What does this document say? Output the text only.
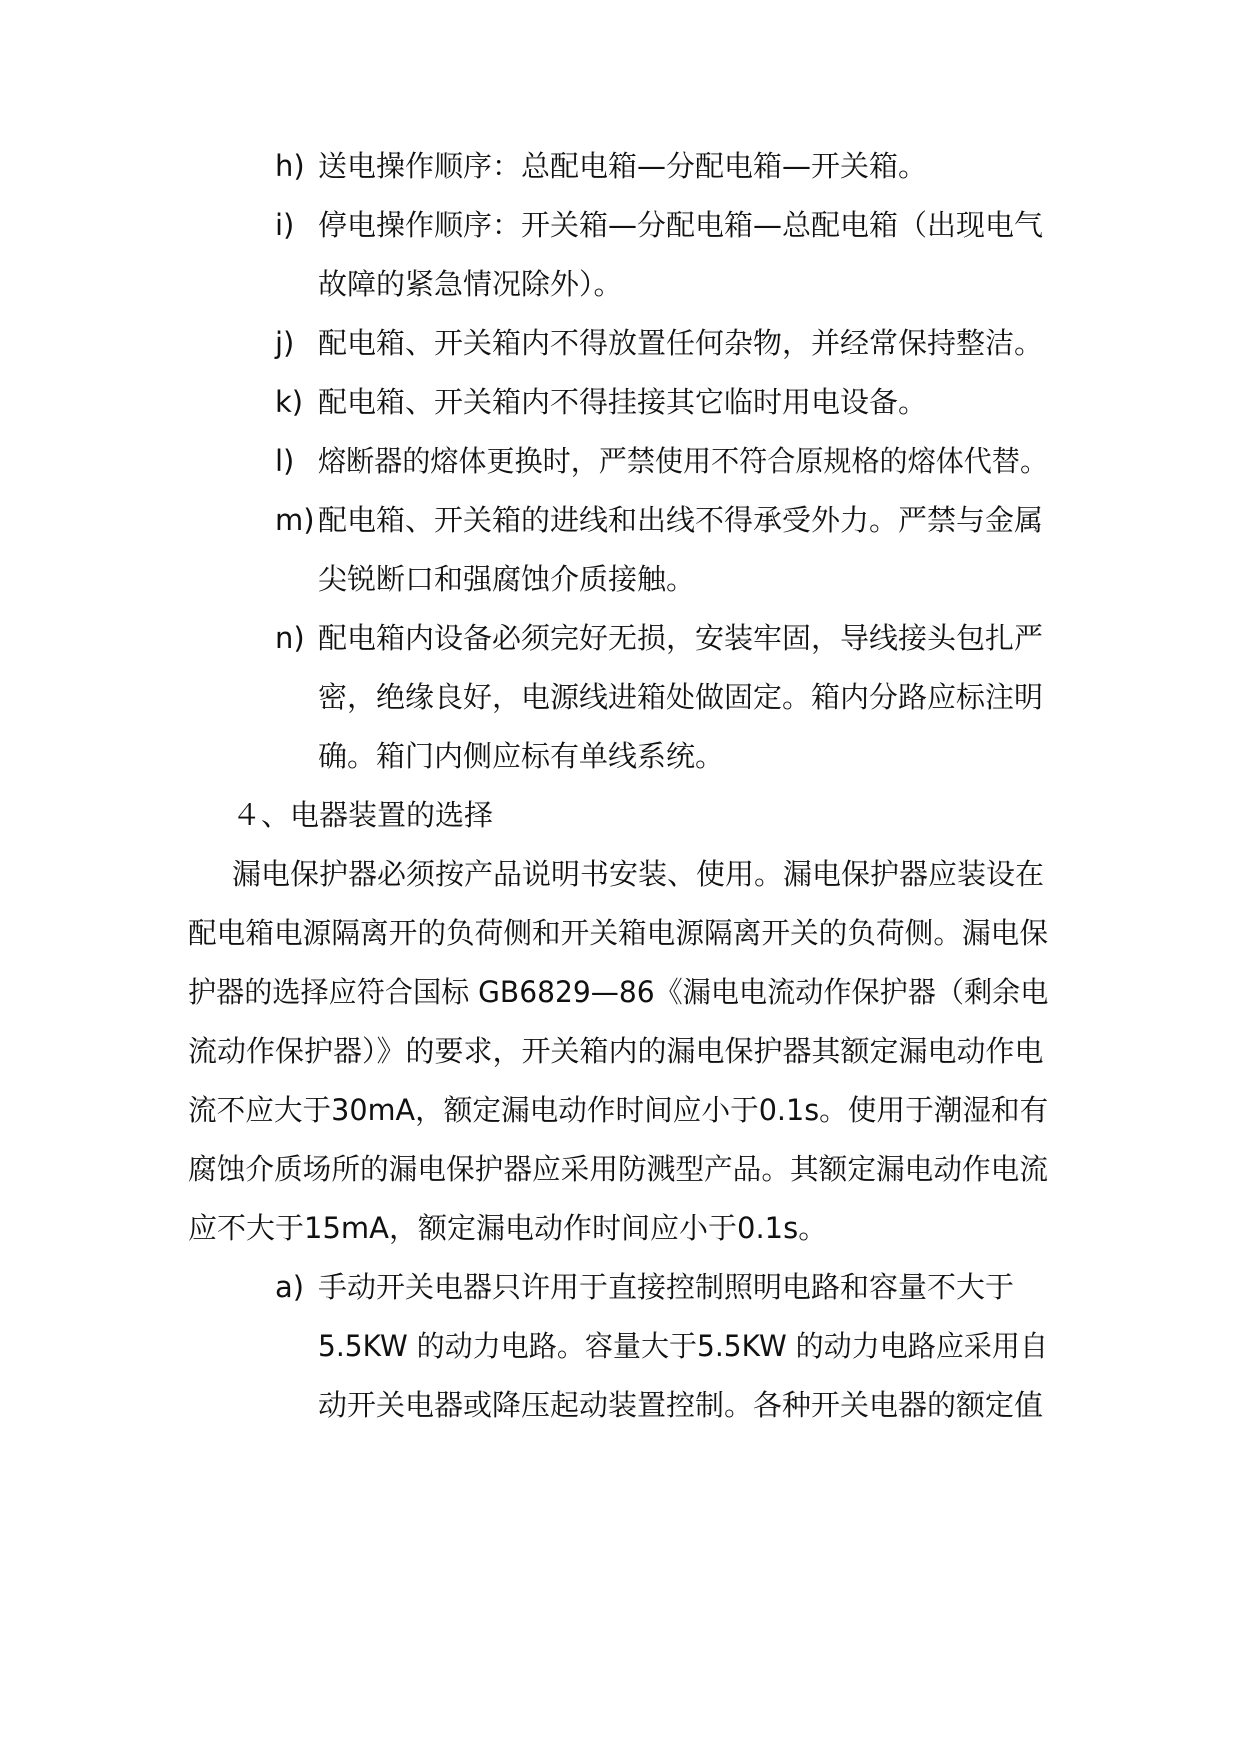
h) 送电操作顺序：总配电箱—分配电箱—开关箱。
i) 停电操作顺序：开关箱—分配电箱—总配电箱（出现电气
故障的紧急情况除外）。
j) 配电箱、开关箱内不得放置任何杂物，并经常保持整洁。
k) 配电箱、开关箱内不得挂接其它临时用电设备。
l) 熔断器的熔体更换时，严禁使用不符合原规格的熔体代替。
m) 配电箱、开关箱的进线和出线不得承受外力。严禁与金属
尖锐断口和强腐蚀介质接触。
n) 配电箱内设备必须完好无损，安装牢固，导线接头包扎严
密，绝缘良好，电源线进箱处做固定。箱内分路应标注明
确。箱门内侧应标有单线系统。
４、电器装置的选择
漏电保护器必须按产品说明书安装、使用。漏电保护器应装设在
配电箱电源隔离开的负荷侧和开关箱电源隔离开关的负荷侧。漏电保
护器的选择应符合国标 GB6829—86《漏电电流动作保护器（剩余电
流动作保护器）》的要求，开关箱内的漏电保护器其额定漏电动作电
流不应大于30mA，额定漏电动作时间应小于0.1s。使用于潮湿和有
腐蚀介质场所的漏电保护器应采用防溅型产品。其额定漏电动作电流
应不大于15mA，额定漏电动作时间应小于0.1s。
a) 手动开关电器只许用于直接控制照明电路和容量不大于
5.5KW 的动力电路。容量大于5.5KW 的动力电路应采用自
动开关电器或降压起动装置控制。各种开关电器的额定值
